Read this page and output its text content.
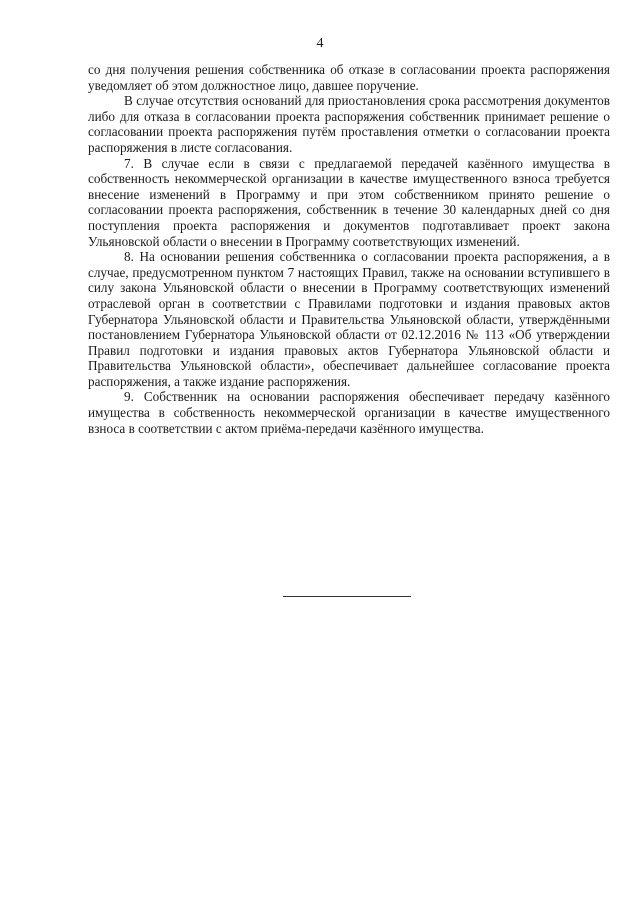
4

со дня получения решения собственника об отказе в согласовании проекта распоряжения уведомляет об этом должностное лицо, давшее поручение.

В случае отсутствия оснований для приостановления срока рассмотрения документов либо для отказа в согласовании проекта распоряжения собственник принимает решение о согласовании проекта распоряжения путём проставления отметки о согласовании проекта распоряжения в листе согласования.

7. В случае если в связи с предлагаемой передачей казённого имущества в собственность некоммерческой организации в качестве имущественного взноса требуется внесение изменений в Программу и при этом собственником принято решение о согласовании проекта распоряжения, собственник в течение 30 календарных дней со дня поступления проекта распоряжения и документов подготавливает проект закона Ульяновской области о внесении в Программу соответствующих изменений.

8. На основании решения собственника о согласовании проекта распоряжения, а в случае, предусмотренном пунктом 7 настоящих Правил, также на основании вступившего в силу закона Ульяновской области о внесении в Программу соответствующих изменений отраслевой орган в соответствии с Правилами подготовки и издания правовых актов Губернатора Ульяновской области и Правительства Ульяновской области, утверждёнными постановлением Губернатора Ульяновской области от 02.12.2016 № 113 «Об утверждении Правил подготовки и издания правовых актов Губернатора Ульяновской области и Правительства Ульяновской области», обеспечивает дальнейшее согласование проекта распоряжения, а также издание распоряжения.

9. Собственник на основании распоряжения обеспечивает передачу казённого имущества в собственность некоммерческой организации в качестве имущественного взноса в соответствии с актом приёма-передачи казённого имущества.
